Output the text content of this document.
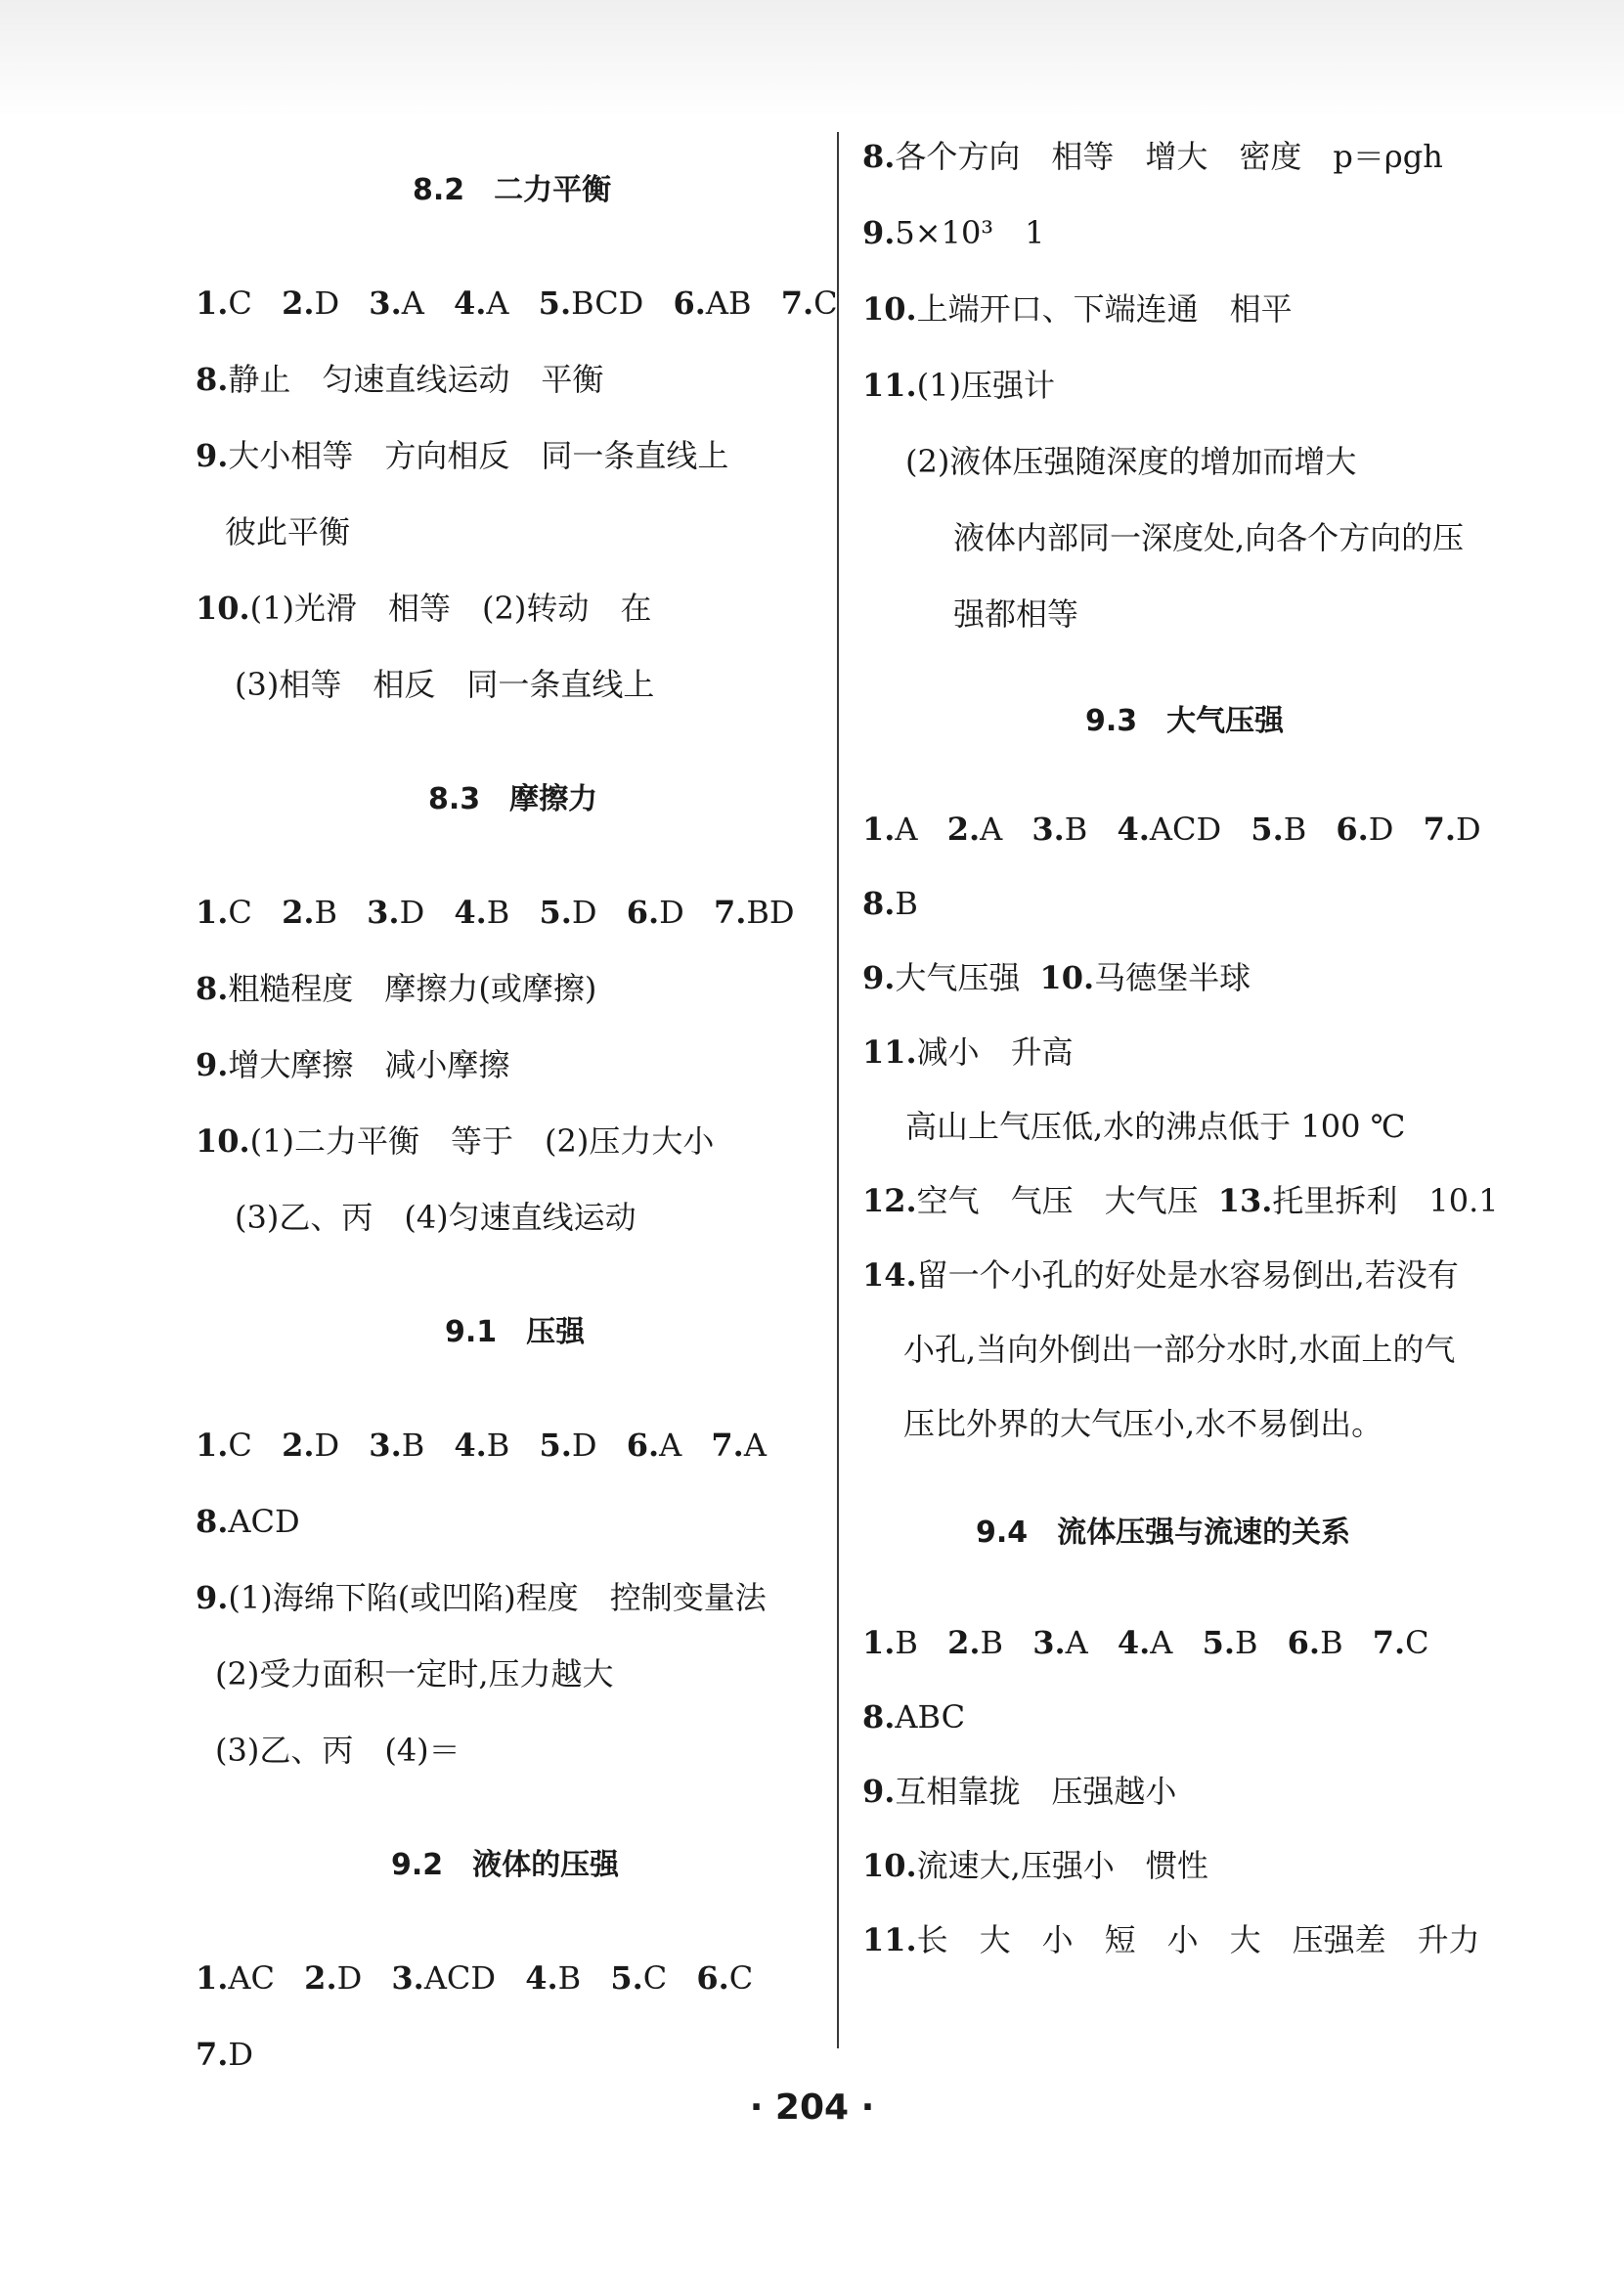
8.2　二力平衡
1.C 2.D 3.A 4.A 5.BCD 6.AB 7.C
8.静止　匀速直线运动　平衡
9.大小相等　方向相反　同一条直线上
彼此平衡
10.(1)光滑　相等　(2)转动　在
(3)相等　相反　同一条直线上
8.3　摩擦力
1.C 2.B 3.D 4.B 5.D 6.D 7.BD
8.粗糙程度　摩擦力(或摩擦)
9.增大摩擦　减小摩擦
10.(1)二力平衡　等于　(2)压力大小
(3)乙、丙　(4)匀速直线运动
9.1　压强
1.C 2.D 3.B 4.B 5.D 6.A 7.A
8.ACD
9.(1)海绵下陷(或凹陷)程度　控制变量法
(2)受力面积一定时,压力越大
(3)乙、丙　(4)＝
9.2　液体的压强
1.AC 2.D 3.ACD 4.B 5.C 6.C
7.D
8.各个方向　相等　增大　密度　p＝ρgh
9.5×10³　1
10.上端开口、下端连通　相平
11.(1)压强计
(2)液体压强随深度的增加而增大
液体内部同一深度处,向各个方向的压
强都相等
9.3　大气压强
1.A 2.A 3.B 4.ACD 5.B 6.D 7.D
8.B
9.大气压强 10.马德堡半球
11.减小　升高
高山上气压低,水的沸点低于 100 ℃
12.空气　气压　大气压 13.托里拆利　10.1
14.留一个小孔的好处是水容易倒出,若没有
小孔,当向外倒出一部分水时,水面上的气
压比外界的大气压小,水不易倒出。
9.4　流体压强与流速的关系
1.B 2.B 3.A 4.A 5.B 6.B 7.C
8.ABC
9.互相靠拢　压强越小
10.流速大,压强小　惯性
11.长　大　小　短　小　大　压强差　升力
· 204 ·
